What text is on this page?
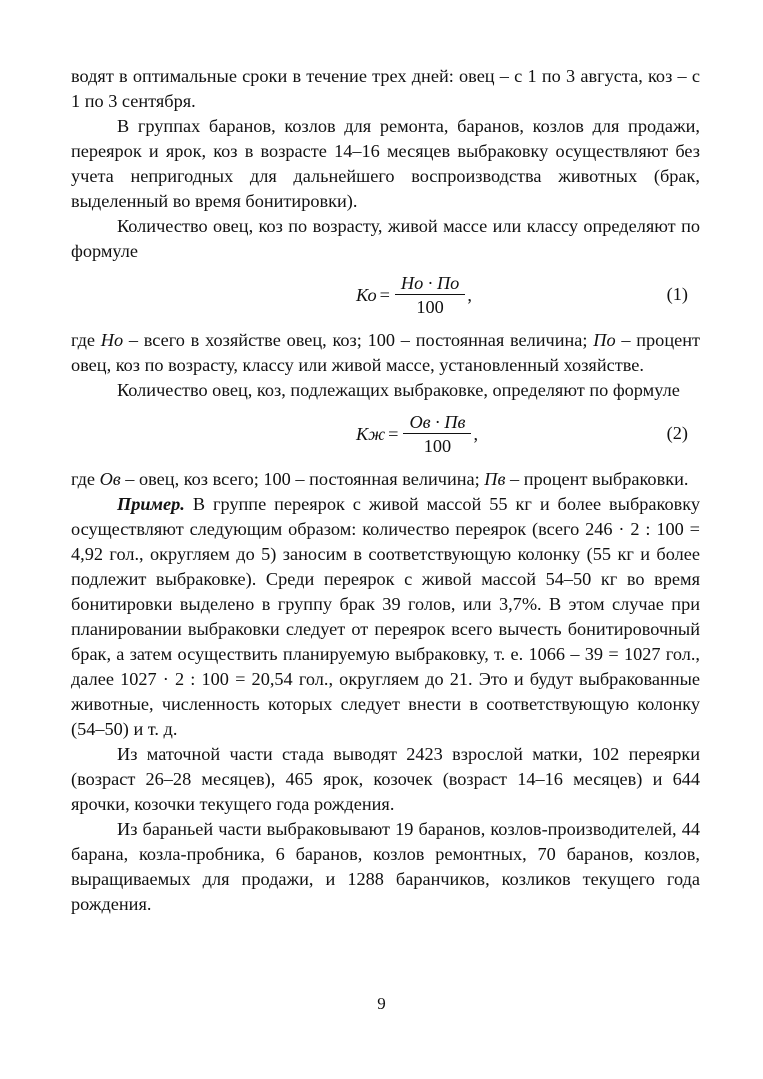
водят в оптимальные сроки в течение трех дней: овец – с 1 по 3 августа, коз – с 1 по 3 сентября.

В группах баранов, козлов для ремонта, баранов, козлов для продажи, переярок и ярок, коз в возрасте 14–16 месяцев выбраковку осуществляют без учета непригодных для дальнейшего воспроизводства животных (брак, выделенный во время бонитировки).

Количество овец, коз по возрасту, живой массе или классу определяют по формуле

Ко = $\frac{Но \cdot По}{100}$ ,	(1)

где Но – всего в хозяйстве овец, коз; 100 – постоянная величина; По – процент овец, коз по возрасту, классу или живой массе, установленный хозяйстве.

Количество овец, коз, подлежащих выбраковке, определяют по формуле

Кж = $\frac{Ов \cdot Пв}{100}$ ,	(2)

где Ов – овец, коз всего; 100 – постоянная величина; Пв – процент выбраковки.

Пример. В группе переярок с живой массой 55 кг и более выбраковку осуществляют следующим образом: количество переярок (всего 246 · 2 : 100 = 4,92 гол., округляем до 5) заносим в соответствующую колонку (55 кг и более подлежит выбраковке). Среди переярок с живой массой 54–50 кг во время бонитировки выделено в группу брак 39 голов, или 3,7%. В этом случае при планировании выбраковки следует от переярок всего вычесть бонитировочный брак, а затем осуществить планируемую выбраковку, т. е. 1066 – 39 = 1027 гол., далее 1027 · 2 : 100 = 20,54 гол., округляем до 21. Это и будут выбракованные животные, численность которых следует внести в соответствующую колонку (54–50) и т. д.

Из маточной части стада выводят 2423 взрослой матки, 102 переярки (возраст 26–28 месяцев), 465 ярок, козочек (возраст 14–16 месяцев) и 644 ярочки, козочки текущего года рождения.

Из бараньей части выбраковывают 19 баранов, козлов-производителей, 44 барана, козла-пробника, 6 баранов, козлов ремонтных, 70 баранов, козлов, выращиваемых для продажи, и 1288 баранчиков, козликов текущего года рождения.

9
